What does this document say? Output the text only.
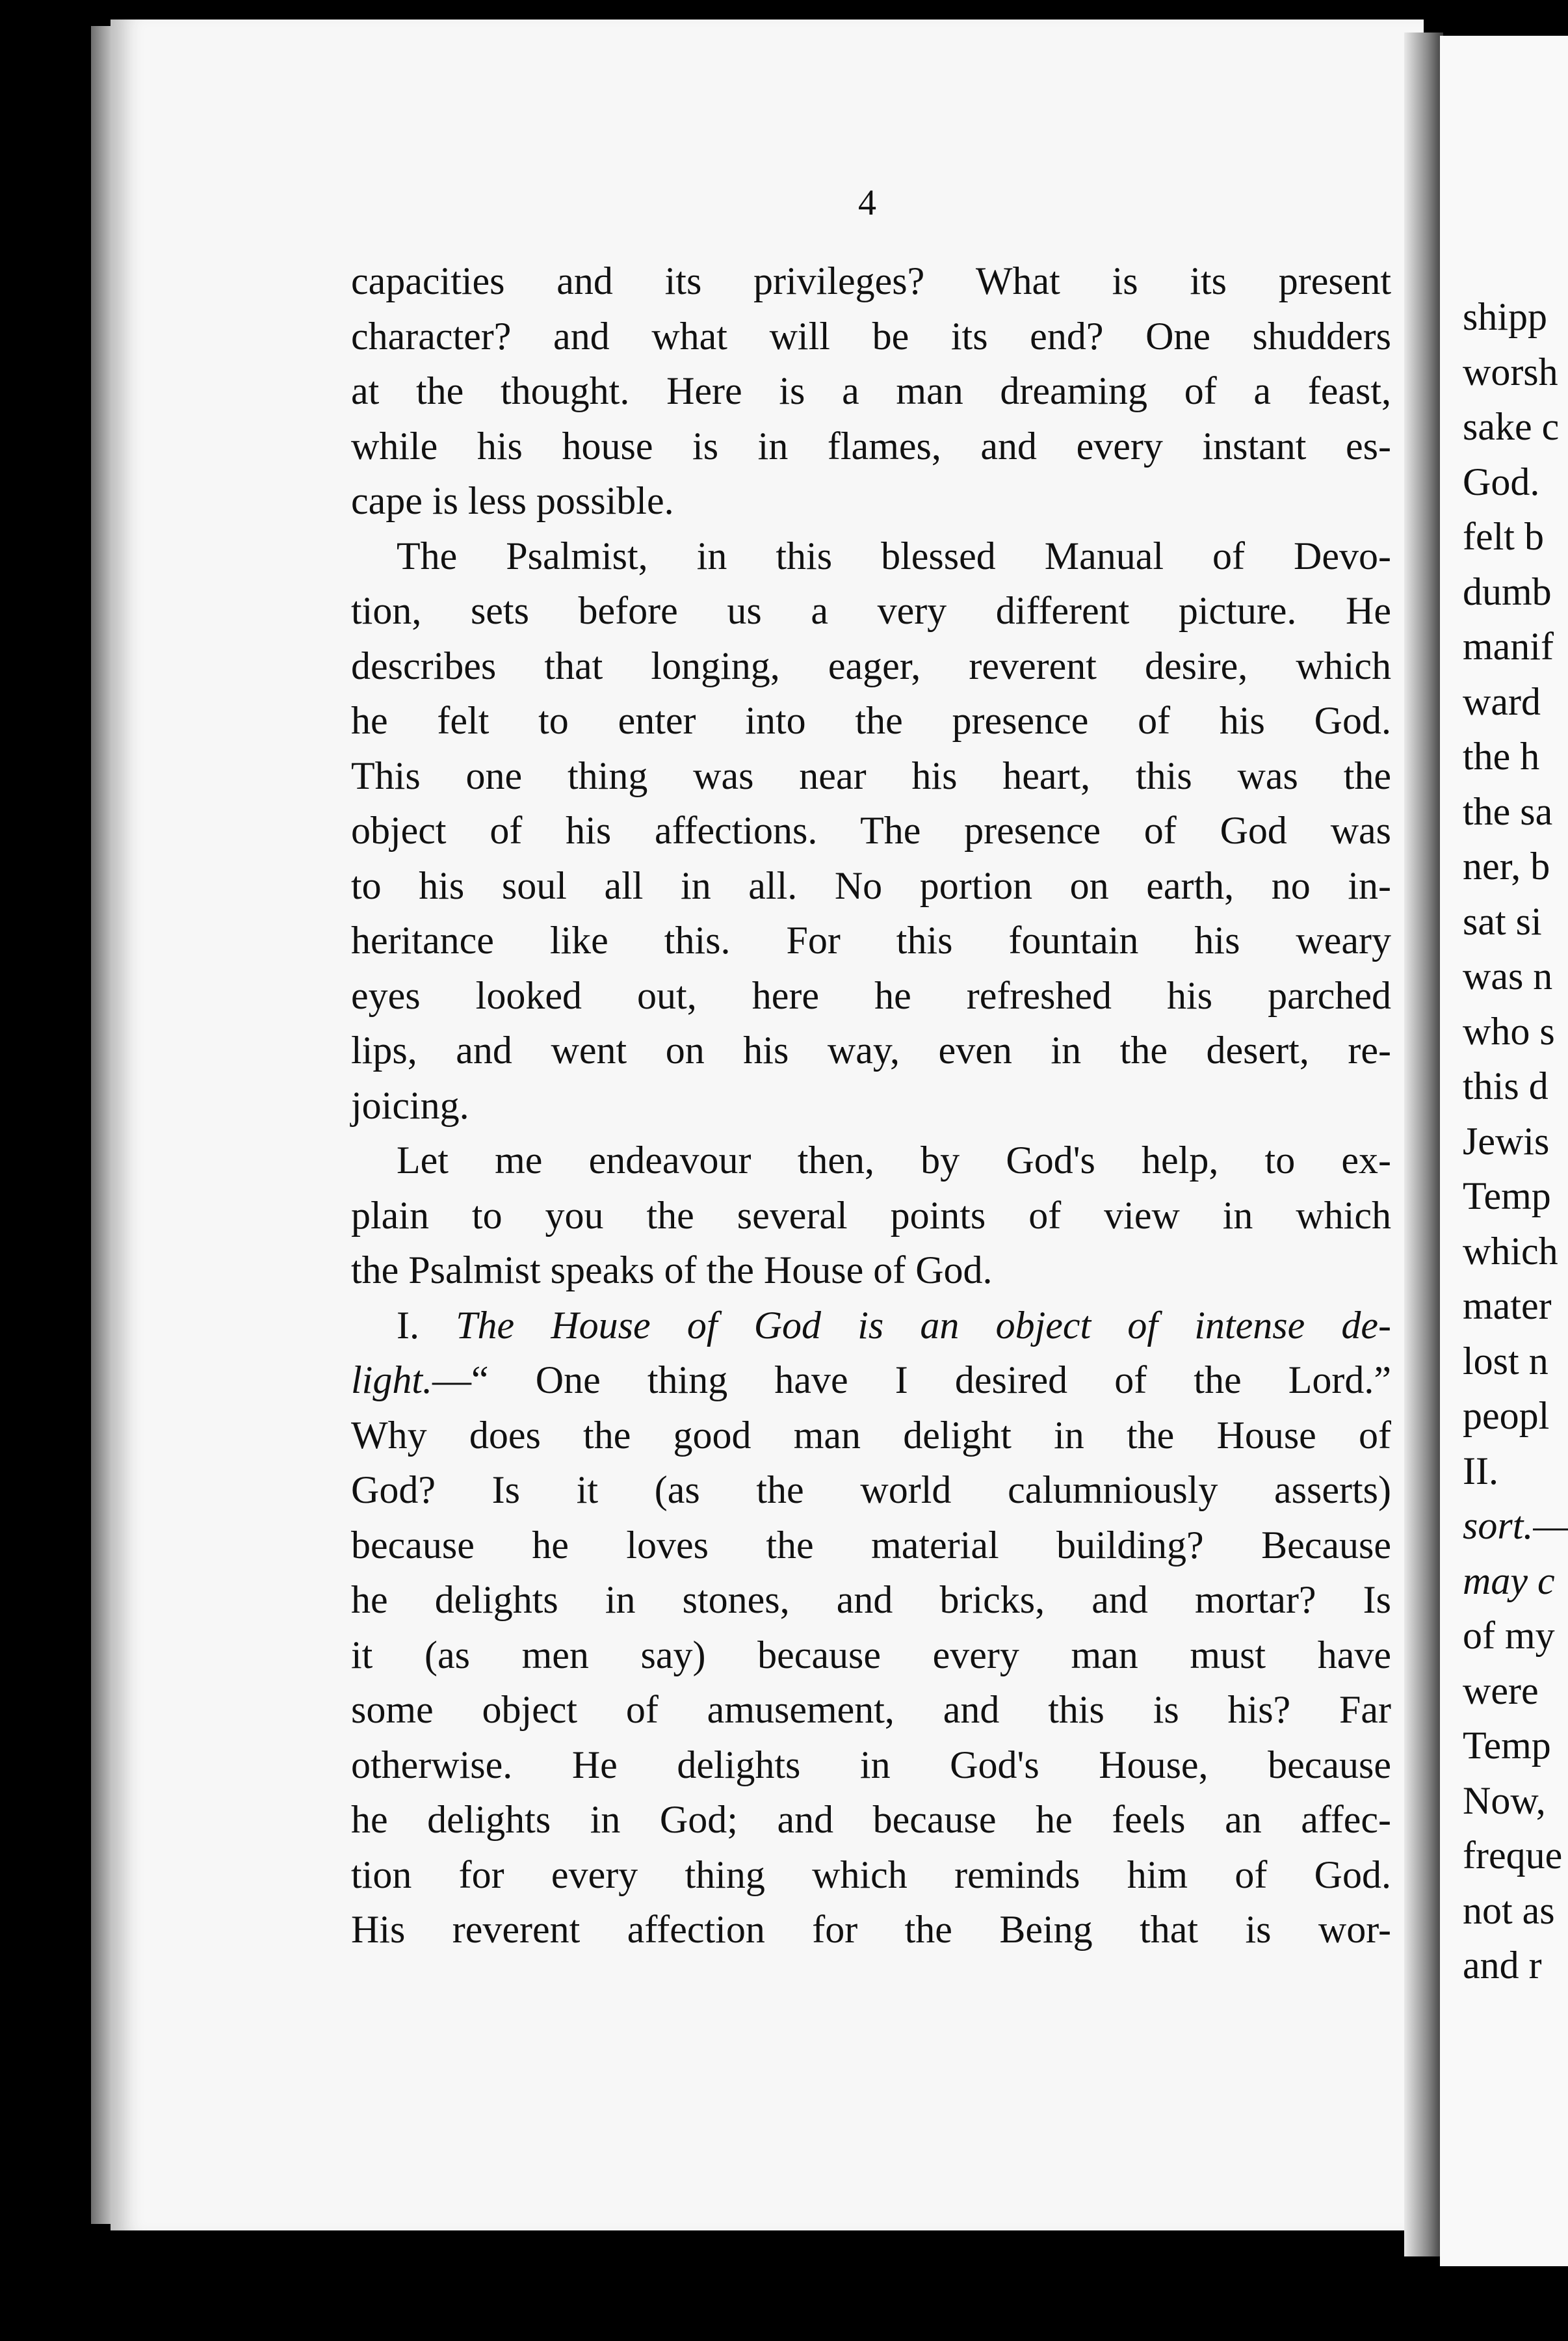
4
capacities and its privileges? What is its present
character? and what will be its end? One shudders
at the thought. Here is a man dreaming of a feast,
while his house is in flames, and every instant es-
cape is less possible.
The Psalmist, in this blessed Manual of Devo-
tion, sets before us a very different picture. He
describes that longing, eager, reverent desire, which
he felt to enter into the presence of his God.
This one thing was near his heart, this was the
object of his affections. The presence of God was
to his soul all in all. No portion on earth, no in-
heritance like this. For this fountain his weary
eyes looked out, here he refreshed his parched
lips, and went on his way, even in the desert, re-
joicing.
Let me endeavour then, by God's help, to ex-
plain to you the several points of view in which
the Psalmist speaks of the House of God.
I. The House of God is an object of intense de-
light.—“ One thing have I desired of the Lord.”
Why does the good man delight in the House of
God? Is it (as the world calumniously asserts)
because he loves the material building? Because
he delights in stones, and bricks, and mortar? Is
it (as men say) because every man must have
some object of amusement, and this is his? Far
otherwise. He delights in God's House, because
he delights in God; and because he feels an affec-
tion for every thing which reminds him of God.
His reverent affection for the Being that is wor-
shipp
worsh
sake c
God.
felt b
dumb
manif
ward
the h
the sa
ner, b
sat si
was n
who s
this d
Jewis
Temp
which
mater
lost n
peopl
II.
sort.—
may c
of my
were
Temp
Now,
freque
not as
and r
